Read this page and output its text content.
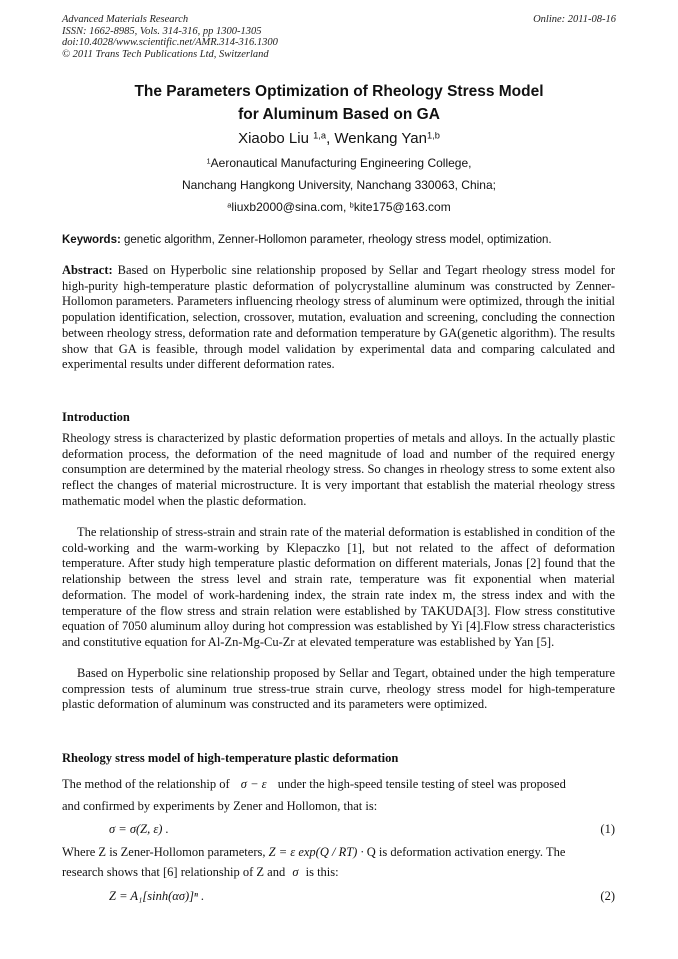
Advanced Materials Research
ISSN: 1662-8985, Vols. 314-316, pp 1300-1305
doi:10.4028/www.scientific.net/AMR.314-316.1300
© 2011 Trans Tech Publications Ltd, Switzerland
Online: 2011-08-16
The Parameters Optimization of Rheology Stress Model
for Aluminum Based on GA
Xiaobo Liu $^{1,a}$, Wenkang Yan$^{1,b}$
$^1$Aeronautical Manufacturing Engineering College,
Nanchang Hangkong University, Nanchang 330063, China;
$^a$liuxb2000@sina.com, $^b$kite175@163.com
Keywords: genetic algorithm, Zenner-Hollomon parameter, rheology stress model, optimization.
Abstract: Based on Hyperbolic sine relationship proposed by Sellar and Tegart rheology stress model for high-purity high-temperature plastic deformation of polycrystalline aluminum was constructed by Zenner-Hollomon parameters. Parameters influencing rheology stress of aluminum were optimized, through the initial population identification, selection, crossover, mutation, evaluation and screening, concluding the connection between rheology stress, deformation rate and deformation temperature by GA(genetic algorithm). The results show that GA is feasible, through model validation by experimental data and comparing calculated and experimental results under different deformation rates.
Introduction
Rheology stress is characterized by plastic deformation properties of metals and alloys. In the actually plastic deformation process, the deformation of the need magnitude of load and number of the required energy consumption are determined by the material rheology stress. So changes in rheology stress to some extent also reflect the changes of material microstructure. It is very important that establish the material rheology stress mathematic model when the plastic deformation.
The relationship of stress-strain and strain rate of the material deformation is established in condition of the cold-working and the warm-working by Klepaczko [1], but not related to the affect of deformation temperature. After study high temperature plastic deformation on different materials, Jonas [2] found that the relationship between the stress level and strain rate, temperature was fit exponential when material deformation. The model of work-hardening index, the strain rate index m, the stress index and with the temperature of the flow stress and strain relation were established by TAKUDA[3]. Flow stress constitutive equation of 7050 aluminum alloy during hot compression was established by Yi [4].Flow stress characteristics and constitutive equation for Al-Zn-Mg-Cu-Zr at elevated temperature was established by Yan [5].
Based on Hyperbolic sine relationship proposed by Sellar and Tegart, obtained under the high temperature compression tests of aluminum true stress-true strain curve, rheology stress model for high-temperature plastic deformation of aluminum was constructed and its parameters were optimized.
Rheology stress model of high-temperature plastic deformation
The method of the relationship of σ − ε under the high-speed tensile testing of steel was proposed
and confirmed by experiments by Zener and Hollomon, that is:
σ = σ(Z, ε) .	(1)
Where Z is Zener-Hollomon parameters, Z = ε exp(Q / RT) · Q is deformation activation energy. The
research shows that [6] relationship of Z and σ is this:
Z = A₁[sinh(ασ)]ⁿ .	(2)
